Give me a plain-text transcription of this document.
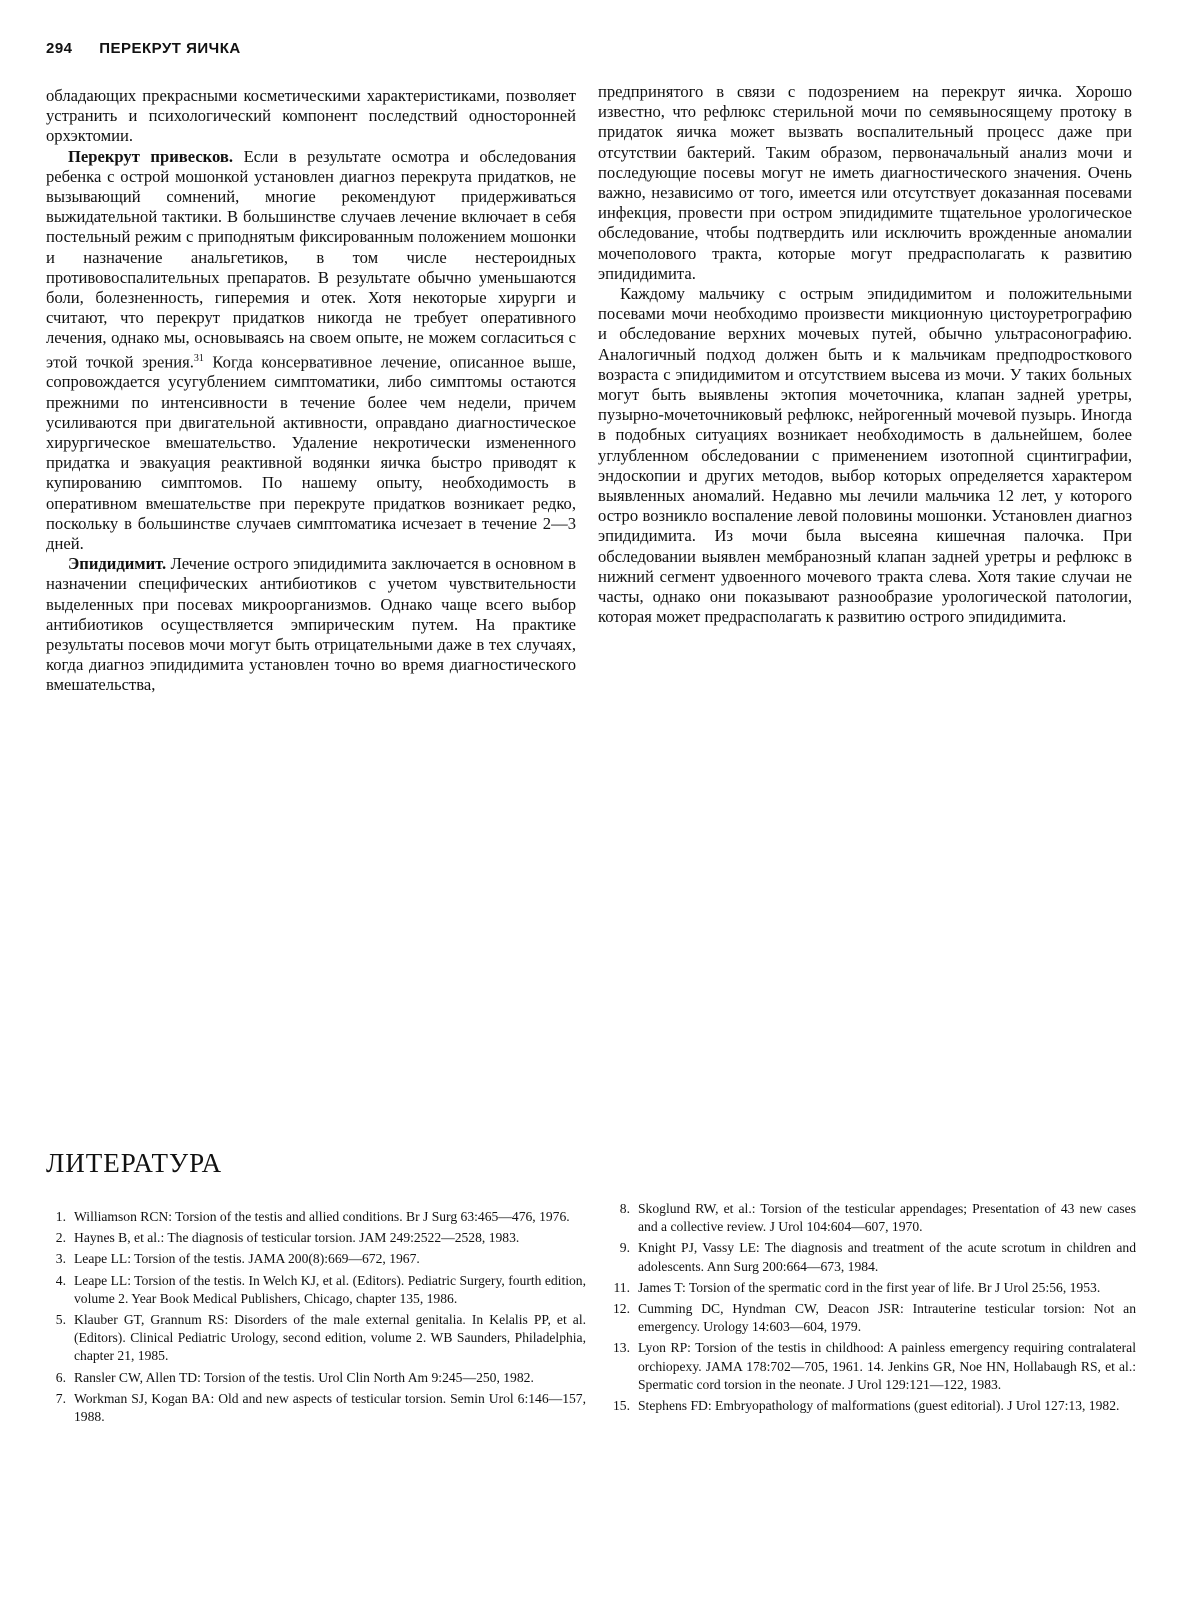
294 ПЕРЕКРУТ ЯИЧКА

обладающих прекрасными косметическими характеристиками, позволяет устранить и психологический компонент последствий односторонней орхэктомии.

Перекрут привесков. Если в результате осмотра и обследования ребенка с острой мошонкой установлен диагноз перекрута придатков, не вызывающий сомнений, многие рекомендуют придерживаться выжидательной тактики. В большинстве случаев лечение включает в себя постельный режим с приподнятым фиксированным положением мошонки и назначение анальгетиков, в том числе нестероидных противовоспалительных препаратов. В результате обычно уменьшаются боли, болезненность, гиперемия и отек. Хотя некоторые хирурги и считают, что перекрут придатков никогда не требует оперативного лечения, однако мы, основываясь на своем опыте, не можем согласиться с этой точкой зрения.$^{31}$ Когда консервативное лечение, описанное выше, сопровождается усугублением симптоматики, либо симптомы остаются прежними по интенсивности в течение более чем недели, причем усиливаются при двигательной активности, оправдано диагностическое хирургическое вмешательство. Удаление некротически измененного придатка и эвакуация реактивной водянки яичка быстро приводят к купированию симптомов. По нашему опыту, необходимость в оперативном вмешательстве при перекруте придатков возникает редко, поскольку в большинстве случаев симптоматика исчезает в течение 2—3 дней.

Эпидидимит. Лечение острого эпидидимита заключается в основном в назначении специфических антибиотиков с учетом чувствительности выделенных при посевах микроорганизмов. Однако чаще всего выбор антибиотиков осуществляется эмпирическим путем. На практике результаты посевов мочи могут быть отрицательными даже в тех случаях, когда диагноз эпидидимита установлен точно во время диагностического вмешательства,

предпринятого в связи с подозрением на перекрут яичка. Хорошо известно, что рефлюкс стерильной мочи по семявыносящему протоку в придаток яичка может вызвать воспалительный процесс даже при отсутствии бактерий. Таким образом, первоначальный анализ мочи и последующие посевы могут не иметь диагностического значения. Очень важно, независимо от того, имеется или отсутствует доказанная посевами инфекция, провести при остром эпидидимите тщательное урологическое обследование, чтобы подтвердить или исключить врожденные аномалии мочеполового тракта, которые могут предрасполагать к развитию эпидидимита.

Каждому мальчику с острым эпидидимитом и положительными посевами мочи необходимо произвести микционную цистоуретрографию и обследование верхних мочевых путей, обычно ультрасонографию. Аналогичный подход должен быть и к мальчикам предподросткового возраста с эпидидимитом и отсутствием высева из мочи. У таких больных могут быть выявлены эктопия мочеточника, клапан задней уретры, пузырно-мочеточниковый рефлюкс, нейрогенный мочевой пузырь. Иногда в подобных ситуациях возникает необходимость в дальнейшем, более углубленном обследовании с применением изотопной сцинтиграфии, эндоскопии и других методов, выбор которых определяется характером выявленных аномалий. Недавно мы лечили мальчика 12 лет, у которого остро возникло воспаление левой половины мошонки. Установлен диагноз эпидидимита. Из мочи была высеяна кишечная палочка. При обследовании выявлен мембранозный клапан задней уретры и рефлюкс в нижний сегмент удвоенного мочевого тракта слева. Хотя такие случаи не часты, однако они показывают разнообразие урологической патологии, которая может предрасполагать к развитию острого эпидидимита.

ЛИТЕРАТУРА
1. Williamson RCN: Torsion of the testis and allied conditions. Br J Surg 63:465—476, 1976.
2. Haynes B, et al.: The diagnosis of testicular torsion. JAM 249:2522—2528, 1983.
3. Leape LL: Torsion of the testis. JAMA 200(8):669—672, 1967.
4. Leape LL: Torsion of the testis. In Welch KJ, et al. (Editors). Pediatric Surgery, fourth edition, volume 2. Year Book Medical Publishers, Chicago, chapter 135, 1986.
5. Klauber GT, Grannum RS: Disorders of the male external genitalia. In Kelalis PP, et al. (Editors). Clinical Pediatric Urology, second edition, volume 2. WB Saunders, Philadelphia, chapter 21, 1985.
6. Ransler CW, Allen TD: Torsion of the testis. Urol Clin North Am 9:245—250, 1982.
7. Workman SJ, Kogan BA: Old and new aspects of testicular torsion. Semin Urol 6:146—157, 1988.
8. Skoglund RW, et al.: Torsion of the testicular appendages; Presentation of 43 new cases and a collective review. J Urol 104:604—607, 1970.
9. Knight PJ, Vassy LE: The diagnosis and treatment of the acute scrotum in children and adolescents. Ann Surg 200:664—673, 1984.
11. James T: Torsion of the spermatic cord in the first year of life. Br J Urol 25:56, 1953.
12. Cumming DC, Hyndman CW, Deacon JSR: Intrauterine testicular torsion: Not an emergency. Urology 14:603—604, 1979.
13. Lyon RP: Torsion of the testis in childhood: A painless emergency requiring contralateral orchiopexy. JAMA 178:702—705, 1961. 14. Jenkins GR, Noe HN, Hollabaugh RS, et al.: Spermatic cord torsion in the neonate. J Urol 129:121—122, 1983.
15. Stephens FD: Embryopathology of malformations (guest editorial). J Urol 127:13, 1982.
